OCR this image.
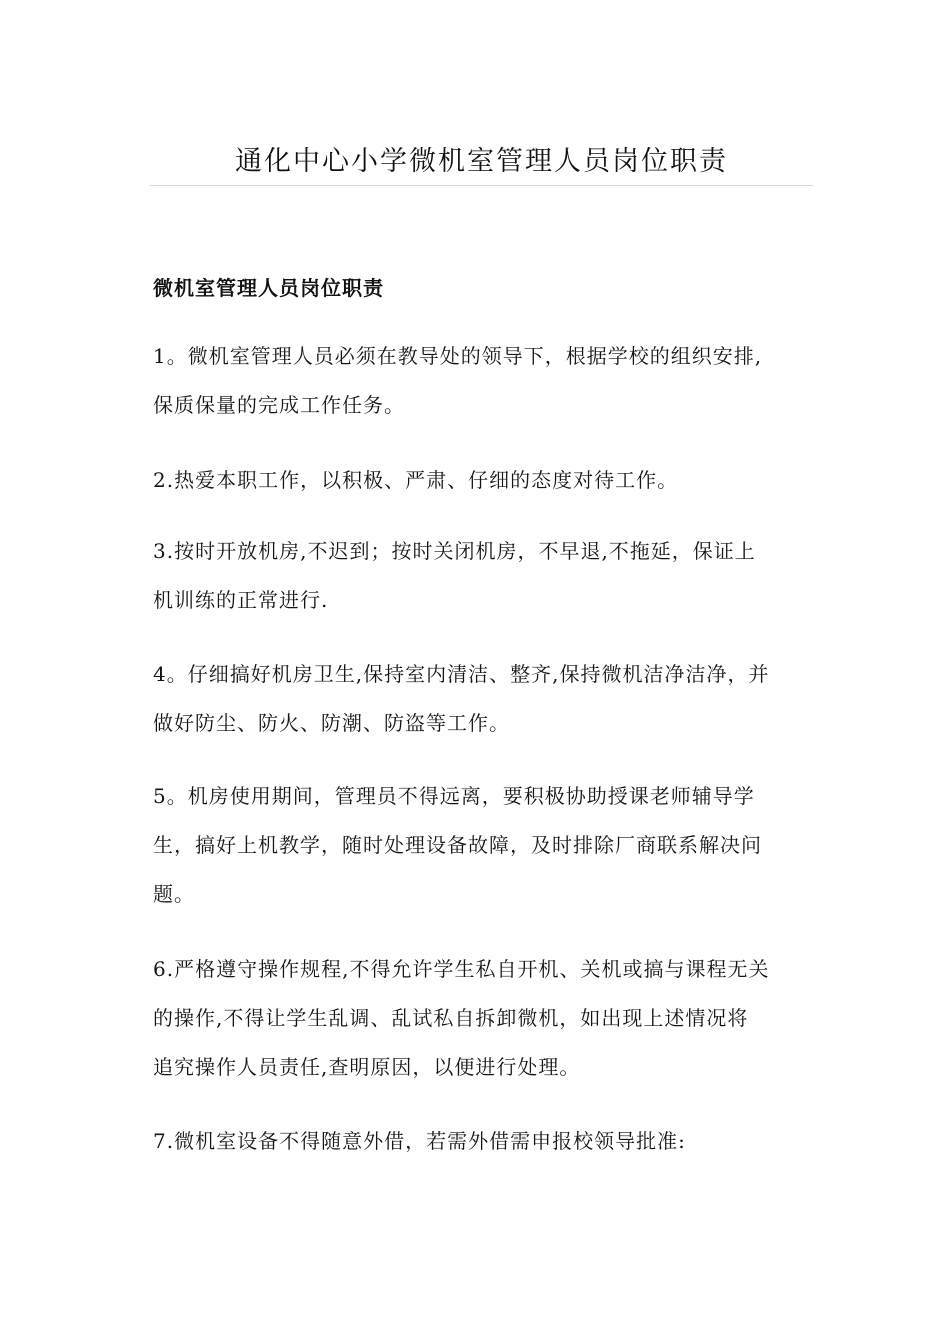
通化中心小学微机室管理人员岗位职责
微机室管理人员岗位职责
1。微机室管理人员必须在教导处的领导下，根据学校的组织安排,
保质保量的完成工作任务。
2.热爱本职工作，以积极、严肃、仔细的态度对待工作。
3.按时开放机房,不迟到；按时关闭机房，不早退,不拖延，保证上
机训练的正常进行.
4。仔细搞好机房卫生,保持室内清洁、整齐,保持微机洁净洁净，并
做好防尘、防火、防潮、防盗等工作。
5。机房使用期间，管理员不得远离，要积极协助授课老师辅导学
生，搞好上机教学，随时处理设备故障，及时排除厂商联系解决问
题。
6.严格遵守操作规程,不得允许学生私自开机、关机或搞与课程无关
的操作,不得让学生乱调、乱试私自拆卸微机，如出现上述情况将
追究操作人员责任,查明原因，以便进行处理。
7.微机室设备不得随意外借，若需外借需申报校领导批准:
